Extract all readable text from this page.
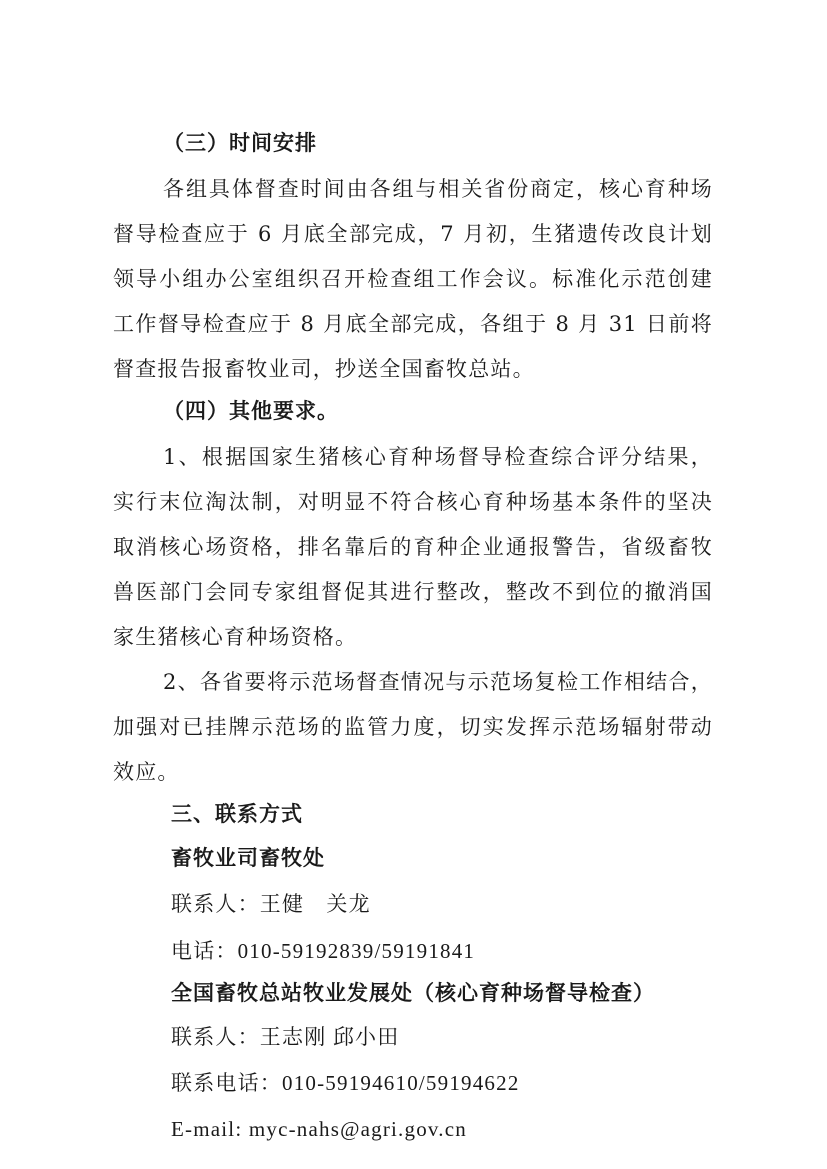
（三）时间安排
各组具体督查时间由各组与相关省份商定，核心育种场
督导检查应于 6 月底全部完成，7 月初，生猪遗传改良计划
领导小组办公室组织召开检查组工作会议。标准化示范创建
工作督导检查应于 8 月底全部完成，各组于 8 月 31 日前将
督查报告报畜牧业司，抄送全国畜牧总站。
（四）其他要求。
1、根据国家生猪核心育种场督导检查综合评分结果，
实行末位淘汰制，对明显不符合核心育种场基本条件的坚决
取消核心场资格，排名靠后的育种企业通报警告，省级畜牧
兽医部门会同专家组督促其进行整改，整改不到位的撤消国
家生猪核心育种场资格。
2、各省要将示范场督查情况与示范场复检工作相结合，
加强对已挂牌示范场的监管力度，切实发挥示范场辐射带动
效应。
三、联系方式
畜牧业司畜牧处
联系人：王健　关龙
电话：010-59192839/59191841
全国畜牧总站牧业发展处（核心育种场督导检查）
联系人：王志刚 邱小田
联系电话：010-59194610/59194622
E-mail: myc-nahs@agri.gov.cn
